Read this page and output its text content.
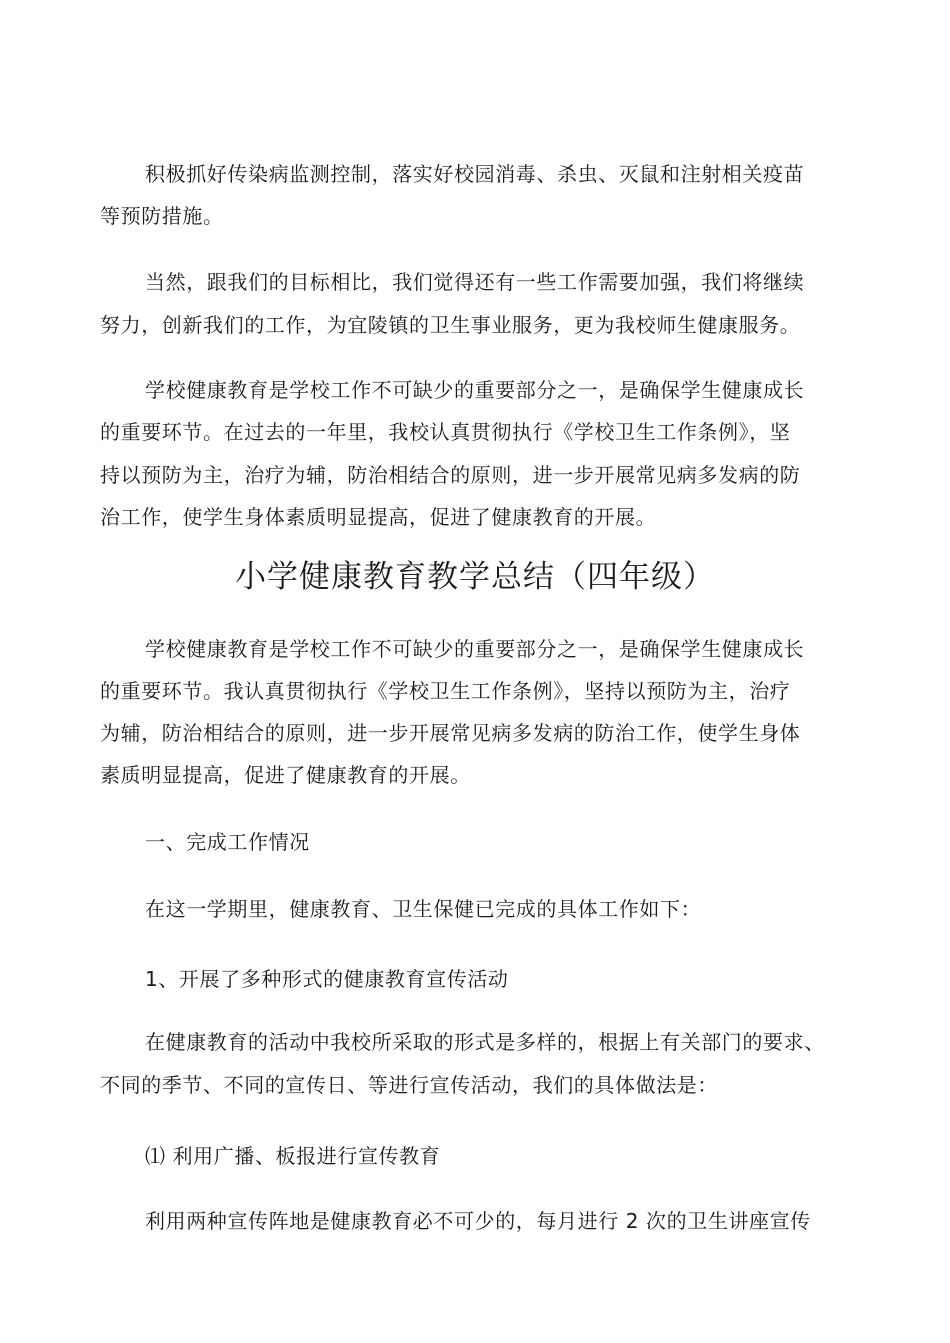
积极抓好传染病监测控制，落实好校园消毒、杀虫、灭鼠和注射相关疫苗
等预防措施。
当然，跟我们的目标相比，我们觉得还有一些工作需要加强，我们将继续
努力，创新我们的工作，为宜陵镇的卫生事业服务，更为我校师生健康服务。
学校健康教育是学校工作不可缺少的重要部分之一，是确保学生健康成长
的重要环节。在过去的一年里，我校认真贯彻执行《学校卫生工作条例》，坚
持以预防为主，治疗为辅，防治相结合的原则，进一步开展常见病多发病的防
治工作，使学生身体素质明显提高，促进了健康教育的开展。
小学健康教育教学总结（四年级）
学校健康教育是学校工作不可缺少的重要部分之一，是确保学生健康成长
的重要环节。我认真贯彻执行《学校卫生工作条例》，坚持以预防为主，治疗
为辅，防治相结合的原则，进一步开展常见病多发病的防治工作，使学生身体
素质明显提高，促进了健康教育的开展。
一、完成工作情况
在这一学期里，健康教育、卫生保健已完成的具体工作如下：
1、开展了多种形式的健康教育宣传活动
在健康教育的活动中我校所采取的形式是多样的，根据上有关部门的要求、
不同的季节、不同的宣传日、等进行宣传活动，我们的具体做法是：
⑴ 利用广播、板报进行宣传教育
利用两种宣传阵地是健康教育必不可少的，每月进行 2 次的卫生讲座宣传
